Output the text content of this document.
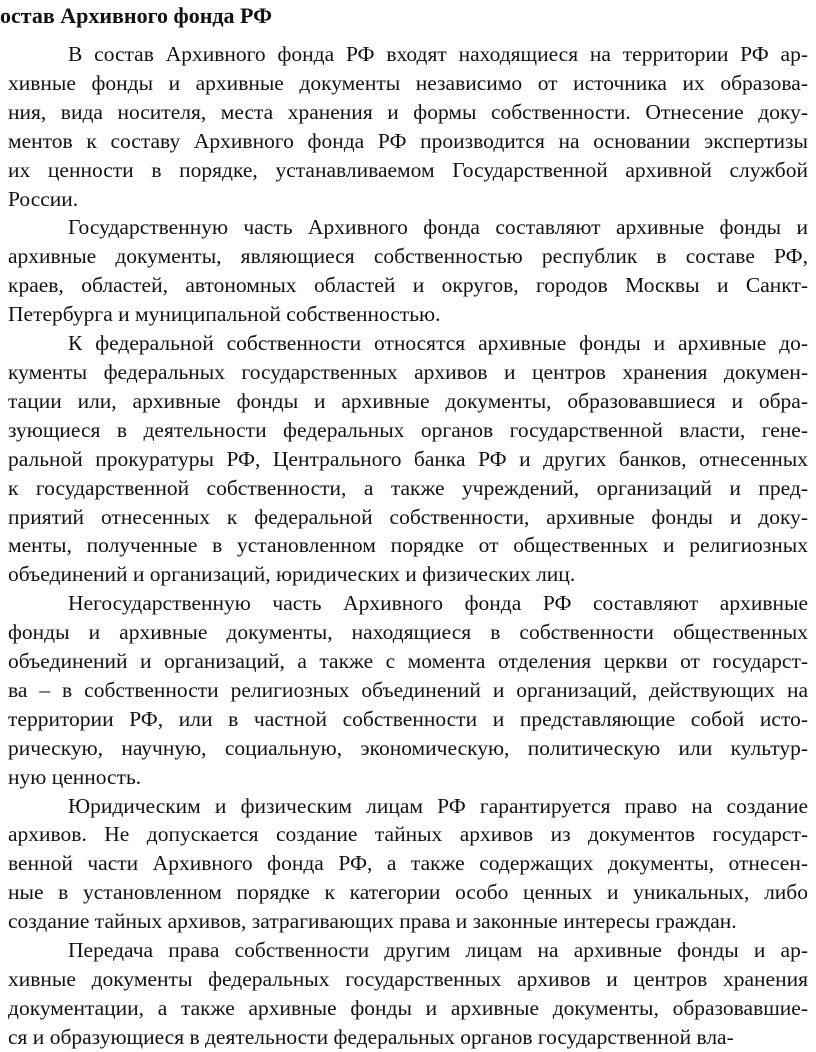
остав Архивного фонда РФ

В состав Архивного фонда РФ входят находящиеся на территории РФ ар-
хивные фонды и архивные документы независимо от источника их образова-
ния, вида носителя, места хранения и формы собственности. Отнесение доку-
ментов к составу Архивного фонда РФ производится на основании экспертизы
их ценности в порядке, устанавливаемом Государственной архивной службой
России.

Государственную часть Архивного фонда составляют архивные фонды и
архивные документы, являющиеся собственностью республик в составе РФ,
краев, областей, автономных областей и округов, городов Москвы и Санкт-
Петербурга и муниципальной собственностью.

К федеральной собственности относятся архивные фонды и архивные до-
кументы федеральных государственных архивов и центров хранения докумен-
тации или, архивные фонды и архивные документы, образовавшиеся и обра-
зующиеся в деятельности федеральных органов государственной власти, гене-
ральной прокуратуры РФ, Центрального банка РФ и других банков, отнесенных
к государственной собственности, а также учреждений, организаций и пред-
приятий отнесенных к федеральной собственности, архивные фонды и доку-
менты, полученные в установленном порядке от общественных и религиозных
объединений и организаций, юридических и физических лиц.

Негосударственную часть Архивного фонда РФ составляют архивные
фонды и архивные документы, находящиеся в собственности общественных
объединений и организаций, а также с момента отделения церкви от государст-
ва – в собственности религиозных объединений и организаций, действующих на
территории РФ, или в частной собственности и представляющие собой исто-
рическую, научную, социальную, экономическую, политическую или культур-
ную ценность.

Юридическим и физическим лицам РФ гарантируется право на создание
архивов. Не допускается создание тайных архивов из документов государст-
венной части Архивного фонда РФ, а также содержащих документы, отнесен-
ные в установленном порядке к категории особо ценных и уникальных, либо
создание тайных архивов, затрагивающих права и законные интересы граждан.

Передача права собственности другим лицам на архивные фонды и ар-
хивные документы федеральных государственных архивов и центров хранения
документации, а также архивные фонды и архивные документы, образовавшие-
ся и образующиеся в деятельности федеральных органов государственной вла-
